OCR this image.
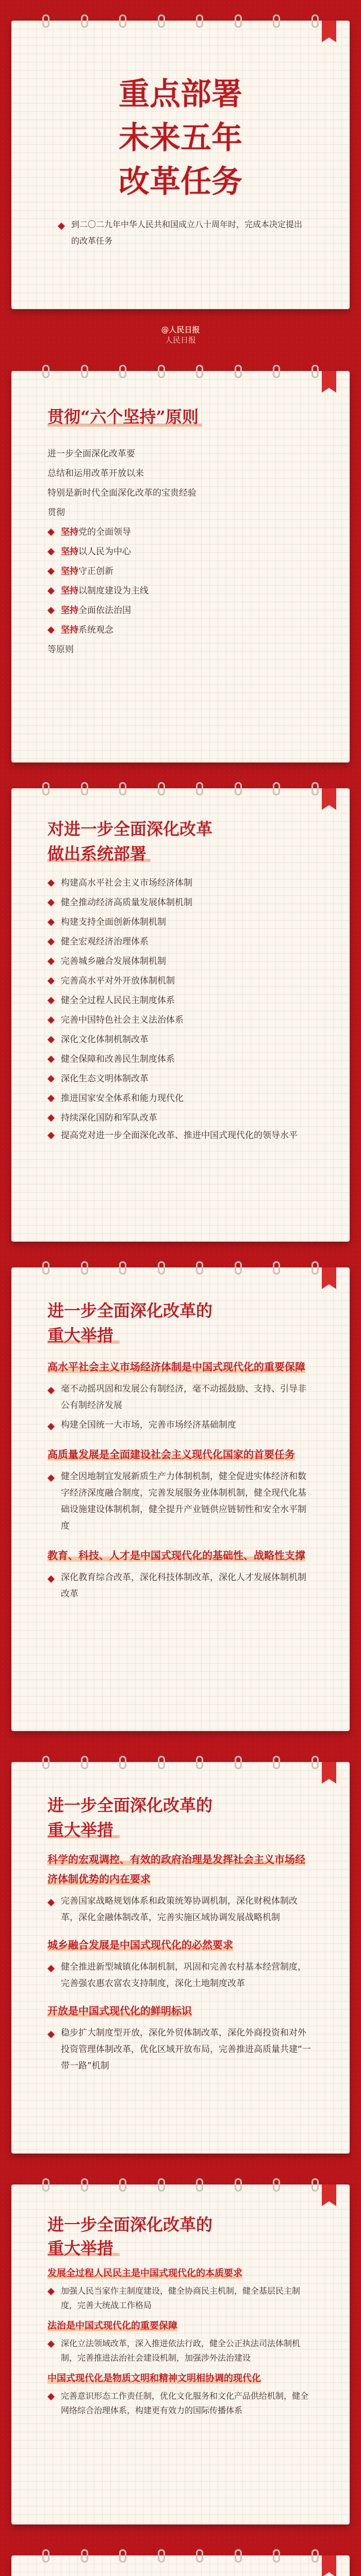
重点部署
未来五年
改革任务
到二〇二九年中华人民共和国成立八十周年时，完成本决定提出的改革任务
@人民日报
人民日报
贯彻“六个坚持”原则
进一步全面深化改革要
总结和运用改革开放以来
特别是新时代全面深化改革的宝贵经验
贯彻
坚持 党的全面领导
坚持 以人民为中心
坚持 守正创新
坚持 以制度建设为主线
坚持 全面依法治国
坚持 系统观念
等原则
对进一步全面深化改革
做出系统部署
构建高水平社会主义市场经济体制
健全推动经济高质量发展体制机制
构建支持全面创新体制机制
健全宏观经济治理体系
完善城乡融合发展体制机制
完善高水平对外开放体制机制
健全全过程人民民主制度体系
完善中国特色社会主义法治体系
深化文化体制机制改革
健全保障和改善民生制度体系
深化生态文明体制改革
推进国家安全体系和能力现代化
持续深化国防和军队改革
提高党对进一步全面深化改革、推进中国式现代化的领导水平
进一步全面深化改革的
重大举措
高水平社会主义市场经济体制是中国式现代化的重要保障
毫不动摇巩固和发展公有制经济，毫不动摇鼓励、支持、引导非公有制经济发展
构建全国统一大市场，完善市场经济基础制度
高质量发展是全面建设社会主义现代化国家的首要任务
健全因地制宜发展新质生产力体制机制，健全促进实体经济和数字经济深度融合制度，完善发展服务业体制机制，健全现代化基础设施建设体制机制，健全提升产业链供应链韧性和安全水平制度
教育、科技、人才是中国式现代化的基础性、战略性支撑
深化教育综合改革，深化科技体制改革，深化人才发展体制机制改革
进一步全面深化改革的
重大举措
科学的宏观调控、有效的政府治理是发挥社会主义市场经济体制优势的内在要求
完善国家战略规划体系和政策统筹协调机制，深化财税体制改革，深化金融体制改革，完善实施区域协调发展战略机制
城乡融合发展是中国式现代化的必然要求
健全推进新型城镇化体制机制，巩固和完善农村基本经营制度，完善强农惠农富农支持制度，深化土地制度改革
开放是中国式现代化的鲜明标识
稳步扩大制度型开放，深化外贸体制改革，深化外商投资和对外投资管理体制改革，优化区域开放布局，完善推进高质量共建“一带一路”机制
进一步全面深化改革的
重大举措
发展全过程人民民主是中国式现代化的本质要求
加强人民当家作主制度建设，健全协商民主机制，健全基层民主制度，完善大统战工作格局
法治是中国式现代化的重要保障
深化立法领域改革，深入推进依法行政，健全公正执法司法体制机制，完善推进法治社会建设机制，加强涉外法治建设
中国式现代化是物质文明和精神文明相协调的现代化
完善意识形态工作责任制，优化文化服务和文化产品供给机制，健全网络综合治理体系，构建更有效力的国际传播体系
